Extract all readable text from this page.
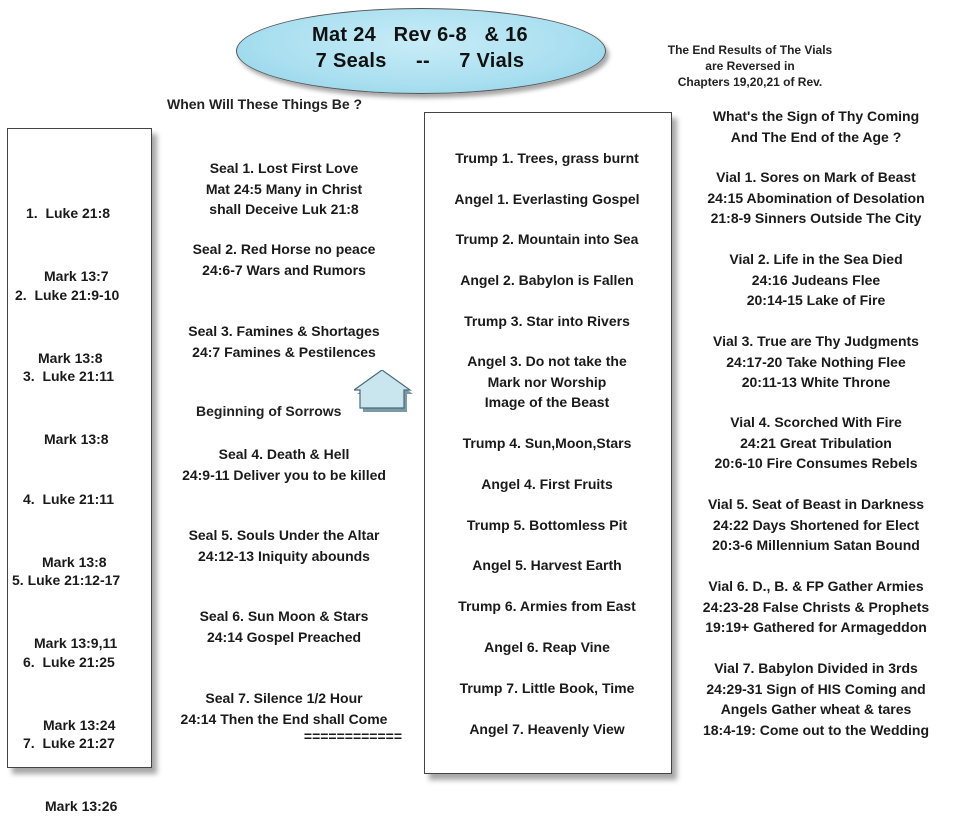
Mat 24   Rev 6-8   & 16
7 Seals     --     7 Vials	The End Results of The Vials
are Reversed in
Chapters 19,20,21 of Rev.
When Will These Things Be ?
What's the Sign of Thy Coming
And The End of the Age ?

1.  Luke 21:8

Mark 13:7

2.  Luke 21:9-10

Mark 13:8

3.  Luke 21:11

Mark 13:8

4.  Luke 21:11

Mark 13:8

5. Luke 21:12-17

Mark 13:9,11

6.  Luke 21:25

Mark 13:24

7.  Luke 21:27

Mark 13:26

Seal 1. Lost First Love
Mat 24:5 Many in Christ
shall Deceive Luk 21:8
Seal 2. Red Horse no peace
24:6-7 Wars and Rumors
Seal 3. Famines & Shortages
24:7 Famines & Pestilences
Beginning of Sorrows
Seal 4. Death & Hell
24:9-11 Deliver you to be killed
Seal 5. Souls Under the Altar
24:12-13 Iniquity abounds
Seal 6. Sun Moon & Stars
24:14 Gospel Preached
Seal 7. Silence 1/2 Hour
24:14 Then the End shall Come
============
Trump 1. Trees, grass burnt
Angel 1. Everlasting Gospel
Trump 2. Mountain into Sea
Angel 2. Babylon is Fallen
Trump 3. Star into Rivers
Angel 3. Do not take the
Mark nor Worship
Image of the Beast
Trump 4. Sun,Moon,Stars
Angel 4. First Fruits
Trump 5. Bottomless Pit
Angel 5. Harvest Earth
Trump 6. Armies from East
Angel 6. Reap Vine
Trump 7. Little Book, Time
Angel 7. Heavenly View
Vial 1. Sores on Mark of Beast
24:15 Abomination of Desolation
21:8-9 Sinners Outside The City
Vial 2. Life in the Sea Died
24:16 Judeans Flee
20:14-15 Lake of Fire
Vial 3. True are Thy Judgments
24:17-20 Take Nothing Flee
20:11-13 White Throne
Vial 4. Scorched With Fire
24:21 Great Tribulation
20:6-10 Fire Consumes Rebels
Vial 5. Seat of Beast in Darkness
24:22 Days Shortened for Elect
20:3-6 Millennium Satan Bound
Vial 6. D., B. & FP Gather Armies
24:23-28 False Christs & Prophets
19:19+ Gathered for Armageddon
Vial 7. Babylon Divided in 3rds
24:29-31 Sign of HIS Coming and
Angels Gather wheat & tares
18:4-19: Come out to the Wedding
